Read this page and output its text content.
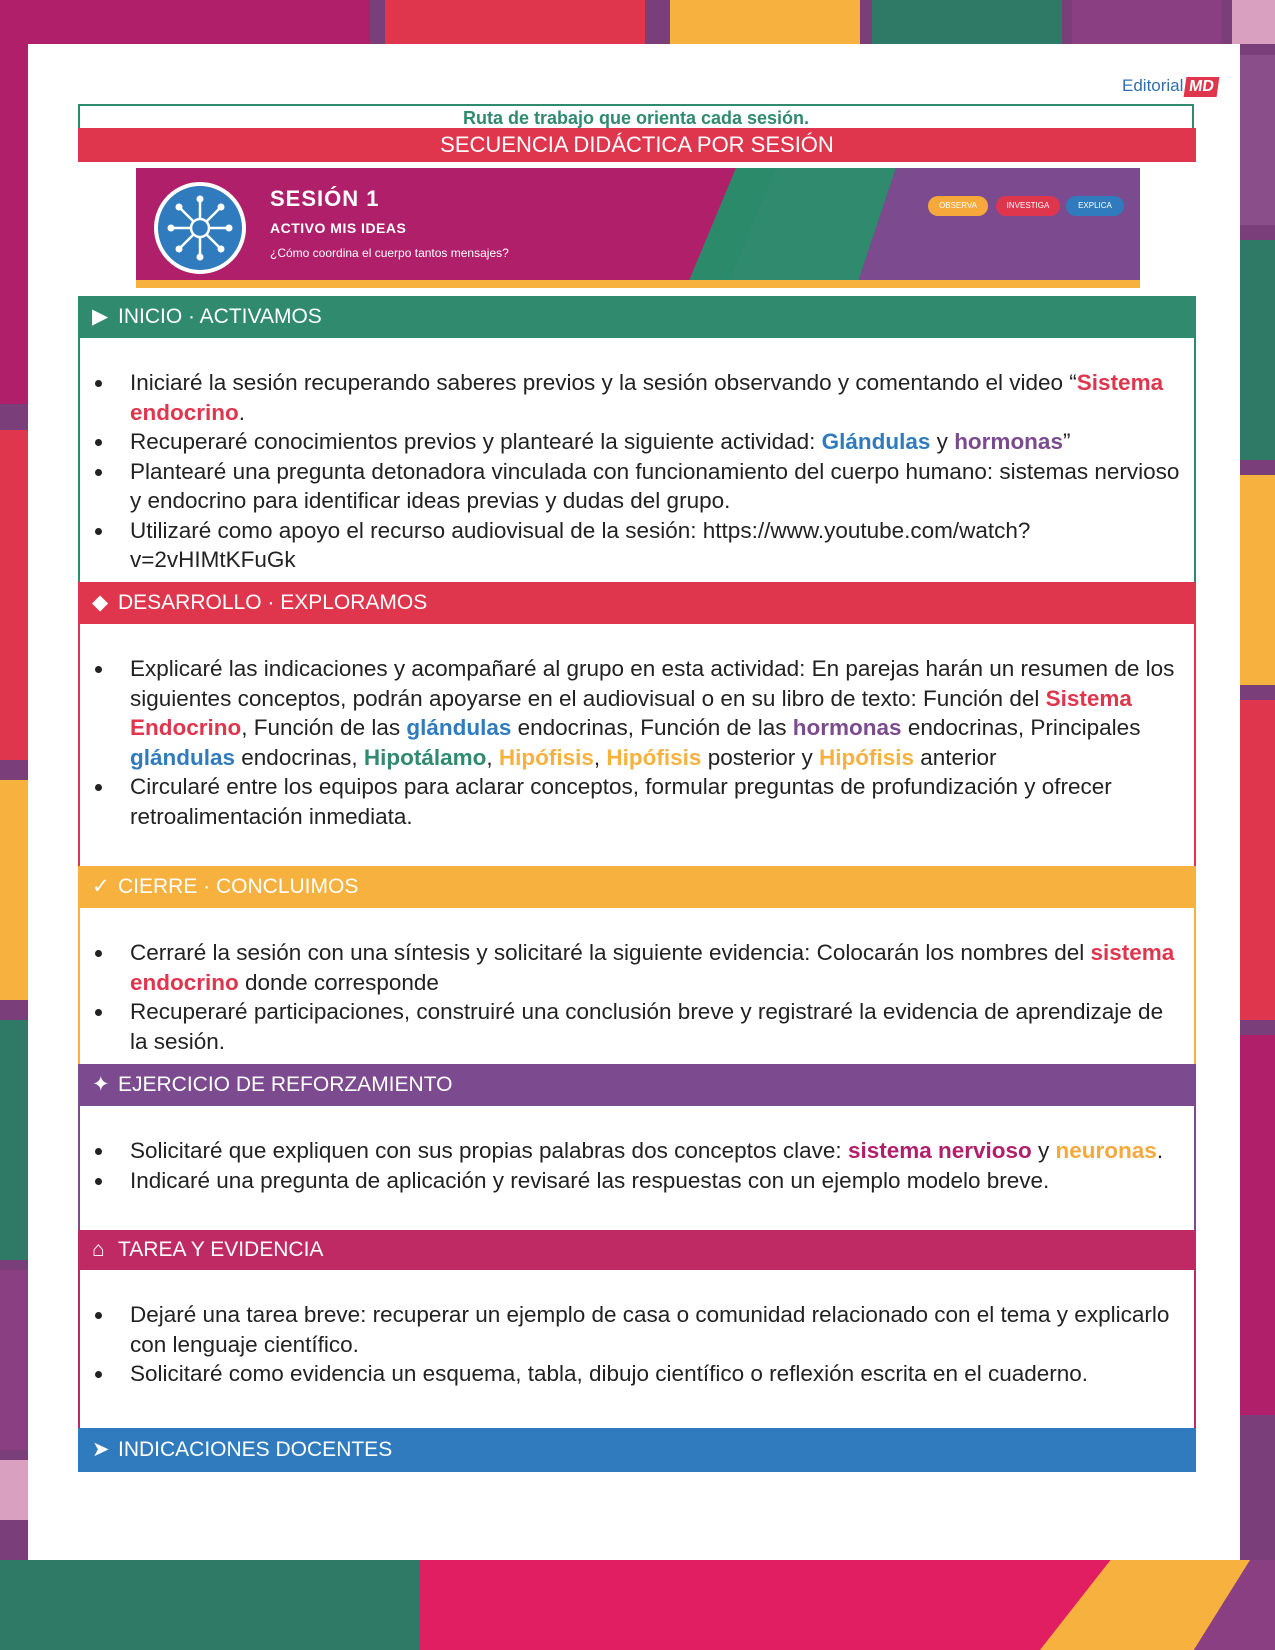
Editorial MD
Ruta de trabajo que orienta cada sesión.
SECUENCIA DIDÁCTICA POR SESIÓN
SESIÓN 1
ACTIVO MIS IDEAS
¿Cómo coordina el cuerpo tantos mensajes?
OBSERVA	INVESTIGA	EXPLICA
▶ INICIO · ACTIVAMOS
Iniciaré la sesión recuperando saberes previos y la sesión observando y comentando el video “Sistema endocrino.
Recuperaré conocimientos previos y plantearé la siguiente actividad: Glándulas y hormonas”
Plantearé una pregunta detonadora vinculada con funcionamiento del cuerpo humano: sistemas nervioso y endocrino para identificar ideas previas y dudas del grupo.
Utilizaré como apoyo el recurso audiovisual de la sesión: https://www.youtube.com/watch?v=2vHIMtKFuGk
◆ DESARROLLO · EXPLORAMOS
Explicaré las indicaciones y acompañaré al grupo en esta actividad: En parejas harán un resumen de los siguientes conceptos, podrán apoyarse en el audiovisual o en su libro de texto: Función del Sistema Endocrino, Función de las glándulas endocrinas, Función de las hormonas endocrinas, Principales glándulas endocrinas, Hipotálamo, Hipófisis, Hipófisis posterior y Hipófisis anterior
Circularé entre los equipos para aclarar conceptos, formular preguntas de profundización y ofrecer retroalimentación inmediata.
✓ CIERRE · CONCLUIMOS
Cerraré la sesión con una síntesis y solicitaré la siguiente evidencia: Colocarán los nombres del sistema endocrino donde corresponde
Recuperaré participaciones, construiré una conclusión breve y registraré la evidencia de aprendizaje de la sesión.
✦ EJERCICIO DE REFORZAMIENTO
Solicitaré que expliquen con sus propias palabras dos conceptos clave: sistema nervioso y neuronas.
Indicaré una pregunta de aplicación y revisaré las respuestas con un ejemplo modelo breve.
⌂ TAREA Y EVIDENCIA
Dejaré una tarea breve: recuperar un ejemplo de casa o comunidad relacionado con el tema y explicarlo con lenguaje científico.
Solicitaré como evidencia un esquema, tabla, dibujo científico o reflexión escrita en el cuaderno.
➤ INDICACIONES DOCENTES
